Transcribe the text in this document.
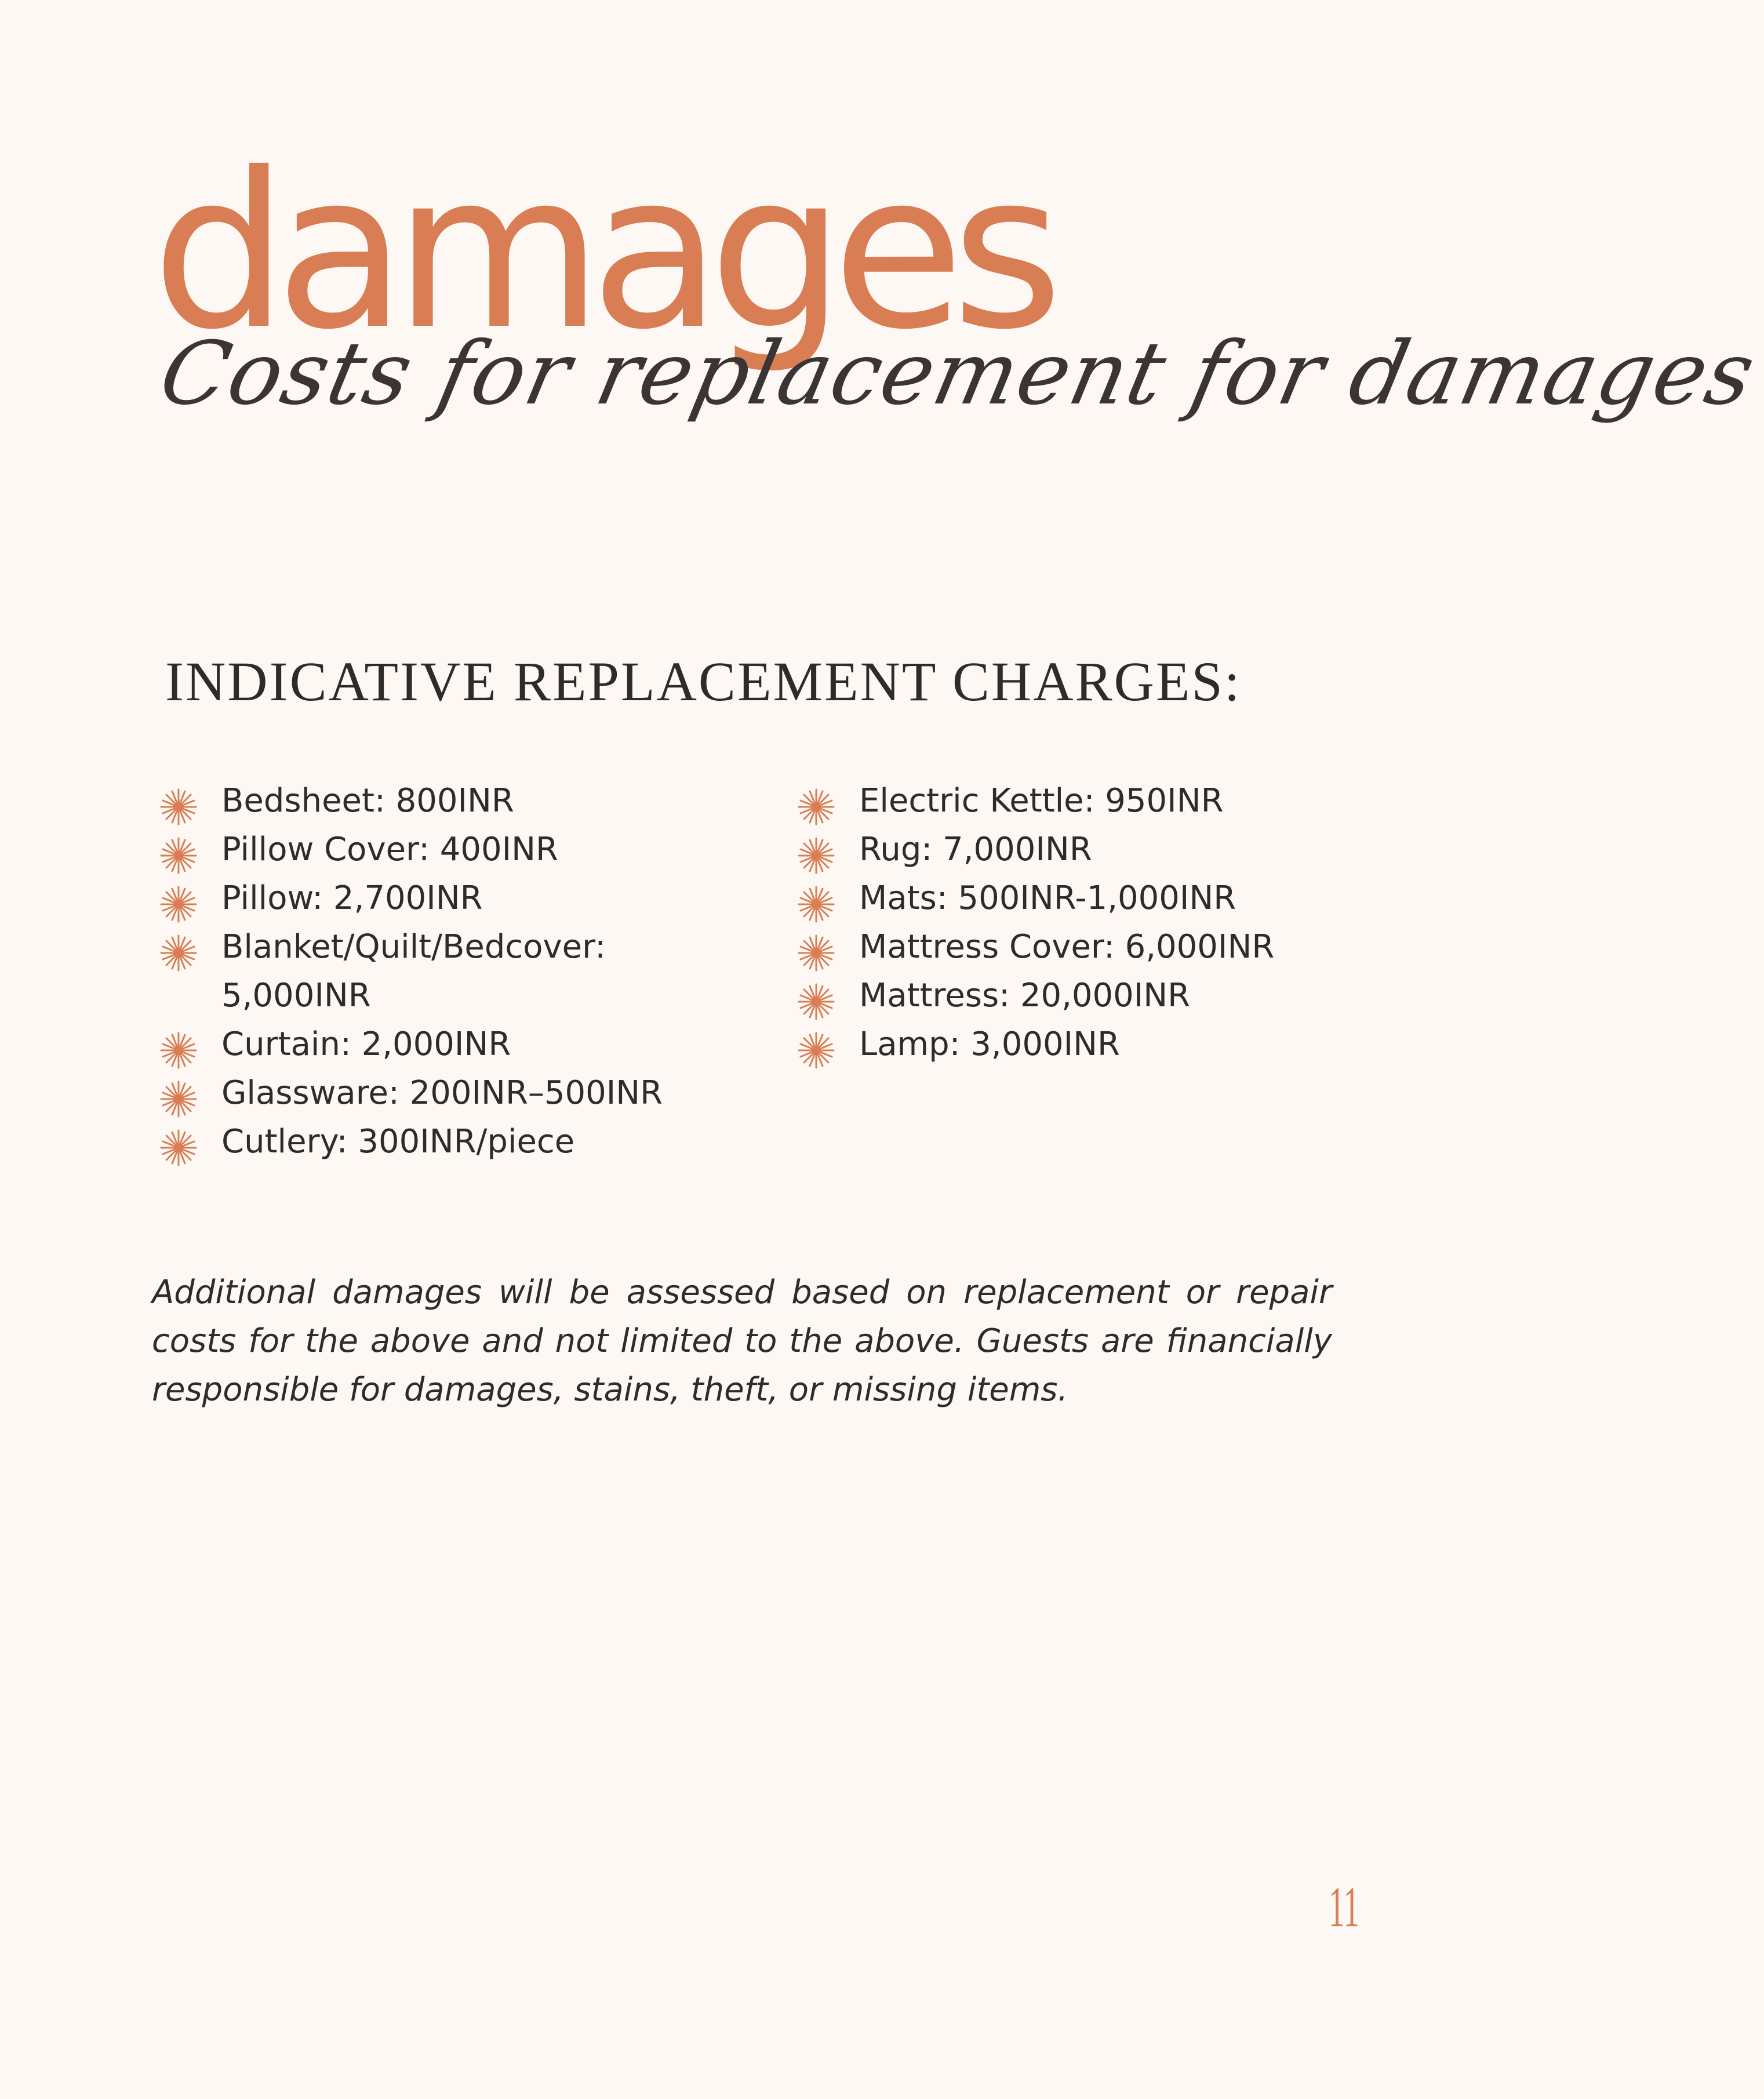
damages
Costs for replacement for damages
INDICATIVE REPLACEMENT CHARGES:
Bedsheet: 800INR
Pillow Cover: 400INR
Pillow: 2,700INR
Blanket/Quilt/Bedcover: 5,000INR
Curtain: 2,000INR
Glassware: 200INR–500INR
Cutlery: 300INR/piece
Electric Kettle: 950INR
Rug: 7,000INR
Mats: 500INR-1,000INR
Mattress Cover: 6,000INR
Mattress: 20,000INR
Lamp: 3,000INR

Additional damages will be assessed based on replacement or repair costs for the above and not limited to the above. Guests are financially responsible for damages, stains, theft, or missing items.

11
